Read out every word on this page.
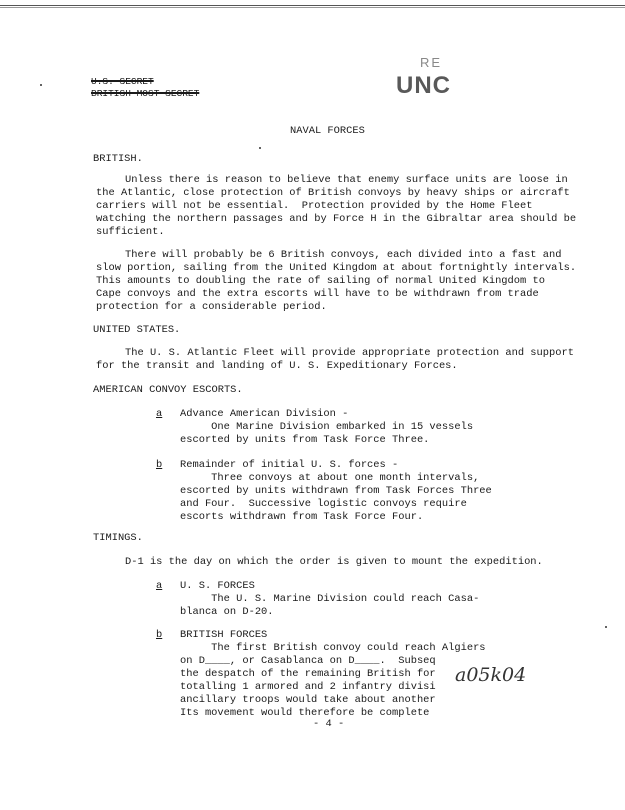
U.S. SECRET
BRITISH MOST SECRET
RE
UNC
NAVAL FORCES
BRITISH.
Unless there is reason to believe that enemy surface units are loose in
the Atlantic, close protection of British convoys by heavy ships or aircraft
carriers will not be essential.  Protection provided by the Home Fleet
watching the northern passages and by Force H in the Gibraltar area should be
sufficient.
There will probably be 6 British convoys, each divided into a fast and
slow portion, sailing from the United Kingdom at about fortnightly intervals.
This amounts to doubling the rate of sailing of normal United Kingdom to
Cape convoys and the extra escorts will have to be withdrawn from trade
protection for a considerable period.
UNITED STATES.
The U. S. Atlantic Fleet will provide appropriate protection and support
for the transit and landing of U. S. Expeditionary Forces.
AMERICAN CONVOY ESCORTS.
a Advance American Division -
One Marine Division embarked in 15 vessels
escorted by units from Task Force Three.
b Remainder of initial U. S. forces -
Three convoys at about one month intervals,
escorted by units withdrawn from Task Forces Three
and Four.  Successive logistic convoys require
escorts withdrawn from Task Force Four.
TIMINGS.
D-1 is the day on which the order is given to mount the expedition.
a U. S. FORCES
The U. S. Marine Division could reach Casa-
blanca on D-20.
b BRITISH FORCES
The first British convoy could reach Algiers
on D____, or Casablanca on D____.  Subseq
the despatch of the remaining British for
totalling 1 armored and 2 infantry divisi
ancillary troops would take about another
Its movement would therefore be complete
a05k04
- 4 -
